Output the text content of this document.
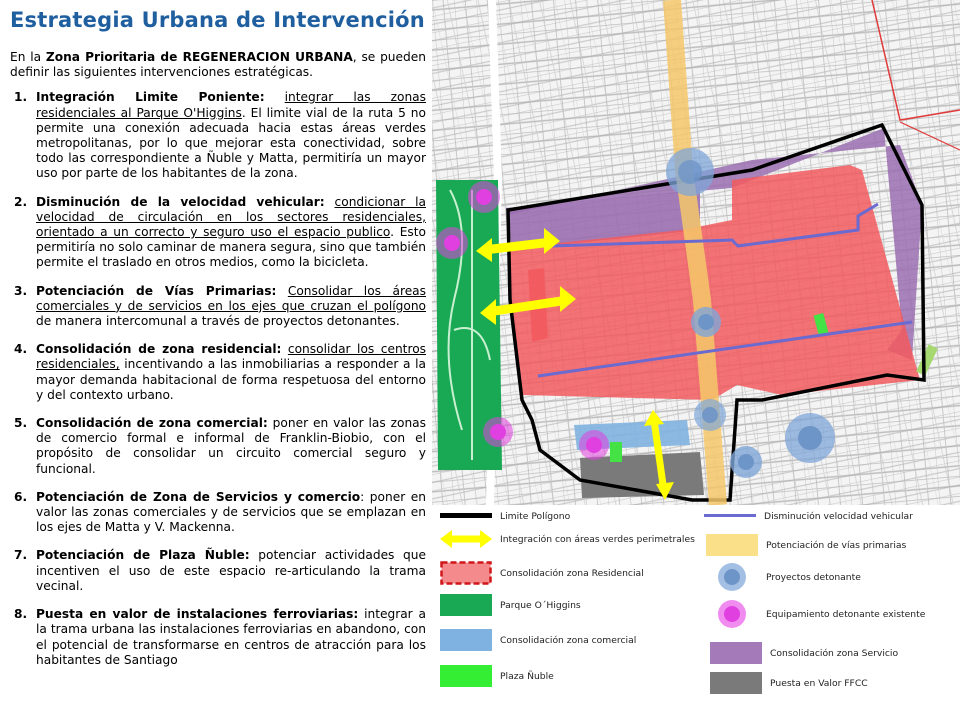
Estrategia Urbana de Intervención

En la Zona Prioritaria de REGENERACION URBANA, se pueden definir las siguientes intervenciones estratégicas.

1. Integración Limite Poniente: integrar las zonas residenciales al Parque O'Higgins. El limite vial de la ruta 5 no permite una conexión adecuada hacia estas áreas verdes metropolitanas, por lo que mejorar esta conectividad, sobre todo las correspondiente a Ñuble y Matta, permitiría un mayor uso por parte de los habitantes de la zona.
2. Disminución de la velocidad vehicular: condicionar la velocidad de circulación en los sectores residenciales, orientado a un correcto y seguro uso el espacio publico. Esto permitiría no solo caminar de manera segura, sino que también permite el traslado en otros medios, como la bicicleta.
3. Potenciación de Vías Primarias: Consolidar los áreas comerciales y de servicios en los ejes que cruzan el polígono de manera intercomunal a través de proyectos detonantes.
4. Consolidación de zona residencial: consolidar los centros residenciales, incentivando a las inmobiliarias a responder a la mayor demanda habitacional de forma respetuosa del entorno y del contexto urbano.
5. Consolidación de zona comercial: poner en valor las zonas de comercio formal e informal de Franklin-Biobio, con el propósito de consolidar un circuito comercial seguro y funcional.
6. Potenciación de Zona de Servicios y comercio: poner en valor las zonas comerciales y de servicios que se emplazan en los ejes de Matta y V. Mackenna.
7. Potenciación de Plaza Ñuble: potenciar actividades que incentiven el uso de este espacio re-articulando la trama vecinal.
8. Puesta en valor de instalaciones ferroviarias: integrar a la trama urbana las instalaciones ferroviarias en abandono, con el potencial de transformarse en centros de atracción para los habitantes de Santiago
Limite Polígono
Integración con áreas verdes perimetrales
Consolidación zona Residencial
Parque O´Higgins
Consolidación zona comercial
Plaza Ñuble
Disminución velocidad vehicular
Potenciación de vías primarias
Proyectos detonante
Equipamiento detonante existente
Consolidación zona Servicio
Puesta en Valor FFCC
